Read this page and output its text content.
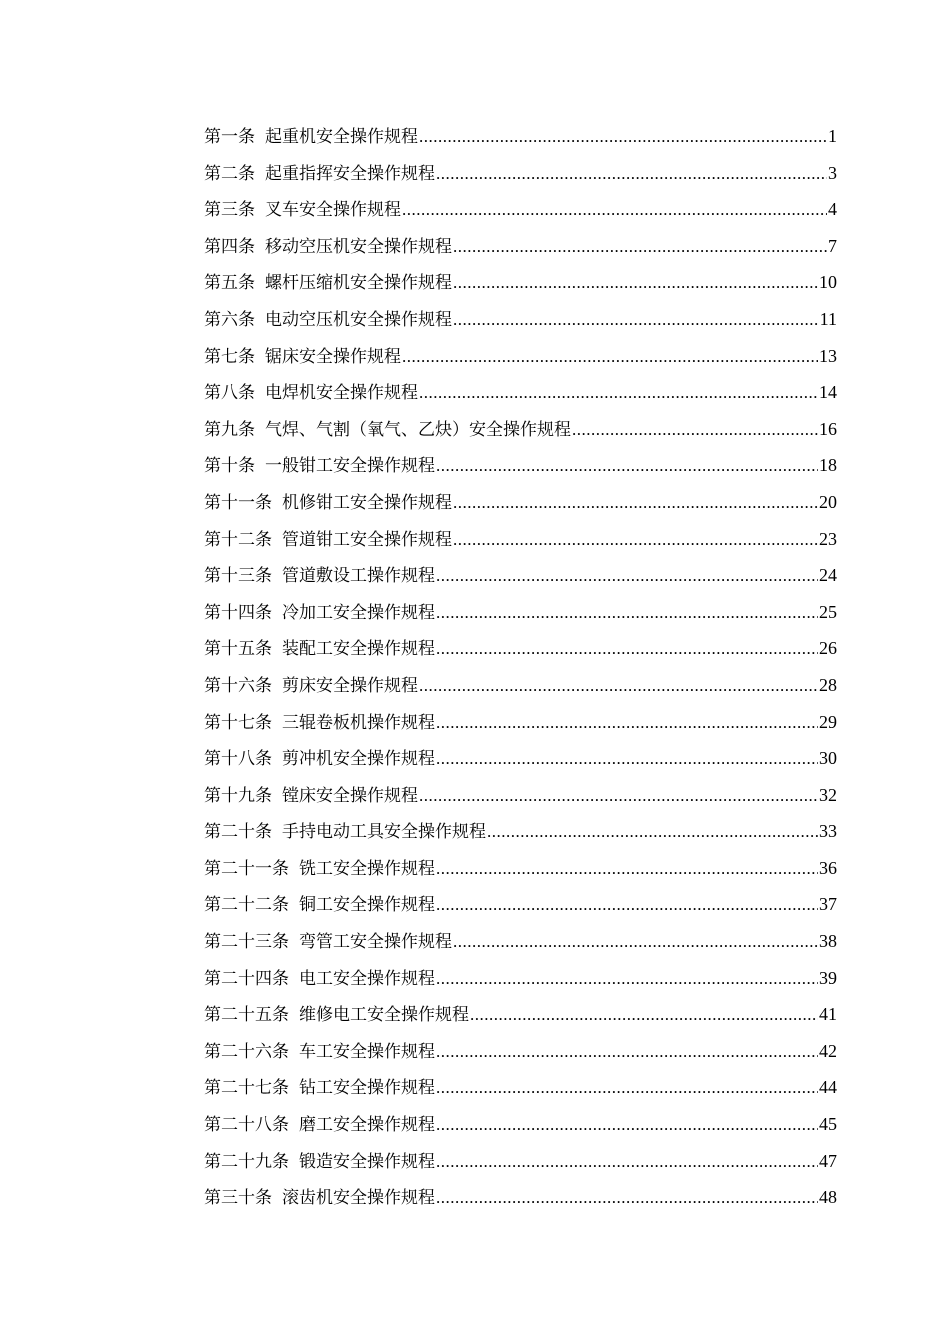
第一条 起重机安全操作规程 .....	1
第二条 起重指挥安全操作规程 .....	3
第三条 叉车安全操作规程 .....	4
第四条 移动空压机安全操作规程 .....	7
第五条 螺杆压缩机安全操作规程 .....	10
第六条 电动空压机安全操作规程 .....	11
第七条 锯床安全操作规程 .....	13
第八条 电焊机安全操作规程 .....	14
第九条 气焊、气割（氧气、乙炔）安全操作规程 .....	16
第十条 一般钳工安全操作规程 .....	18
第十一条 机修钳工安全操作规程 .....	20
第十二条 管道钳工安全操作规程 .....	23
第十三条 管道敷设工操作规程 .....	24
第十四条 冷加工安全操作规程 .....	25
第十五条 装配工安全操作规程 .....	26
第十六条 剪床安全操作规程 .....	28
第十七条 三辊卷板机操作规程 .....	29
第十八条 剪冲机安全操作规程 .....	30
第十九条 镗床安全操作规程 .....	32
第二十条 手持电动工具安全操作规程 .....	33
第二十一条 铣工安全操作规程 .....	36
第二十二条 铜工安全操作规程 .....	37
第二十三条 弯管工安全操作规程 .....	38
第二十四条 电工安全操作规程 .....	39
第二十五条 维修电工安全操作规程 .....	41
第二十六条 车工安全操作规程 .....	42
第二十七条 钻工安全操作规程 .....	44
第二十八条 磨工安全操作规程 .....	45
第二十九条 锻造安全操作规程 .....	47
第三十条 滚齿机安全操作规程 .....	48
